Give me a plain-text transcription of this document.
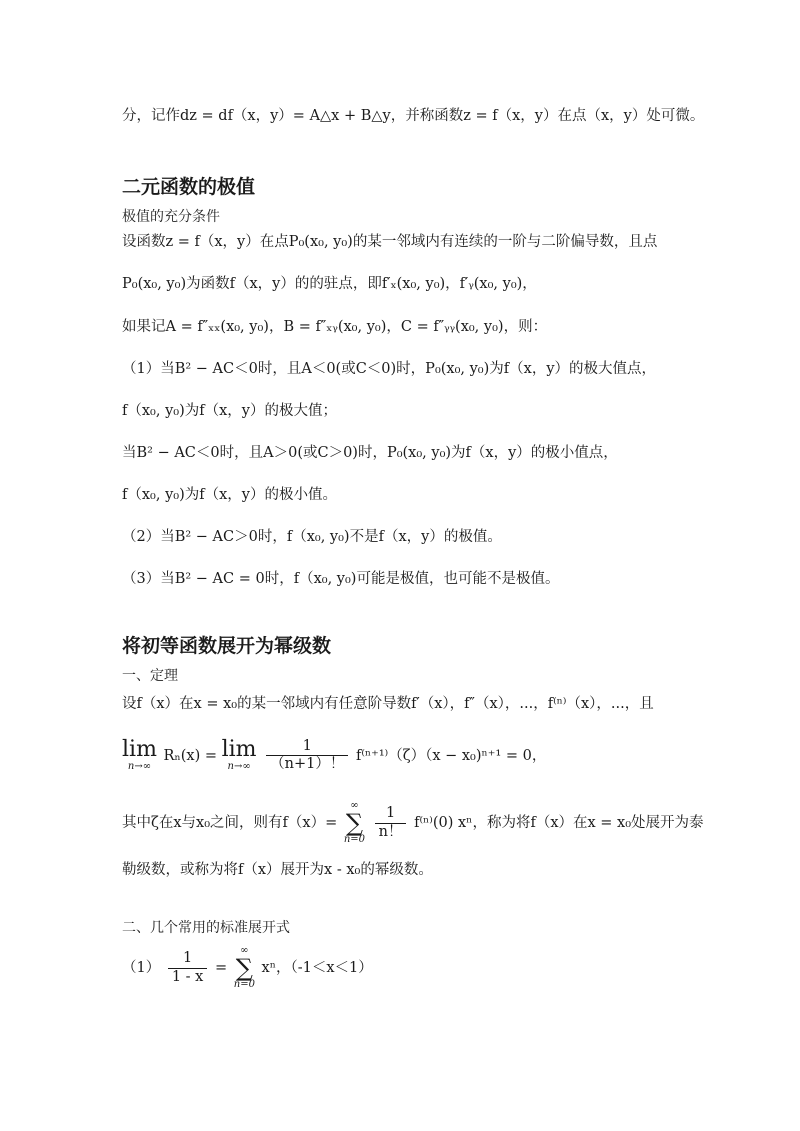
分，记作dz = df（x，y）= A△x + B△y，并称函数z = f（x，y）在点（x，y）处可微。
二元函数的极值
极值的充分条件
设函数z = f（x，y）在点P₀(x₀, y₀)的某一邻域内有连续的一阶与二阶偏导数，且点
P₀(x₀, y₀)为函数f（x，y）的的驻点，即f′ₓ(x₀, y₀)，f′ᵧ(x₀, y₀)，
如果记A = f″ₓₓ(x₀, y₀)，B = f″ₓᵧ(x₀, y₀)，C = f″ᵧᵧ(x₀, y₀)，则：
（1）当B² − AC＜0时，且A＜0(或C＜0)时，P₀(x₀, y₀)为f（x，y）的极大值点，
f（x₀, y₀)为f（x，y）的极大值；
当B² − AC＜0时，且A＞0(或C＞0)时，P₀(x₀, y₀)为f（x，y）的极小值点，
f（x₀, y₀)为f（x，y）的极小值。
（2）当B² − AC＞0时，f（x₀, y₀)不是f（x，y）的极值。
（3）当B² − AC = 0时，f（x₀, y₀)可能是极值，也可能不是极值。
将初等函数展开为幂级数
一、定理
设f（x）在x = x₀的某一邻域内有任意阶导数f′（x），f″（x），...，f⁽ⁿ⁾（x），...，且
lim
n→∞
Rₙ(x) = lim
n→∞
	$\frac{1}{(n+1)!} f^{(n+1)}(\zeta)(x - x_0)^{n+1} = 0$，
其中ζ在x与x₀之间，则有f（x）=
∞
∑
n=0
$\frac{1}{n!} f^{(n)}(0)$ xⁿ，称为将f（x）在x = x₀处展开为泰
勒级数，或称为将f（x）展开为x - x₀的幂级数。
二、几个常用的标准展开式
$(1) \frac{1}{1 - x}$ =
∞
∑
n=0
xⁿ，（-1＜x＜1）
